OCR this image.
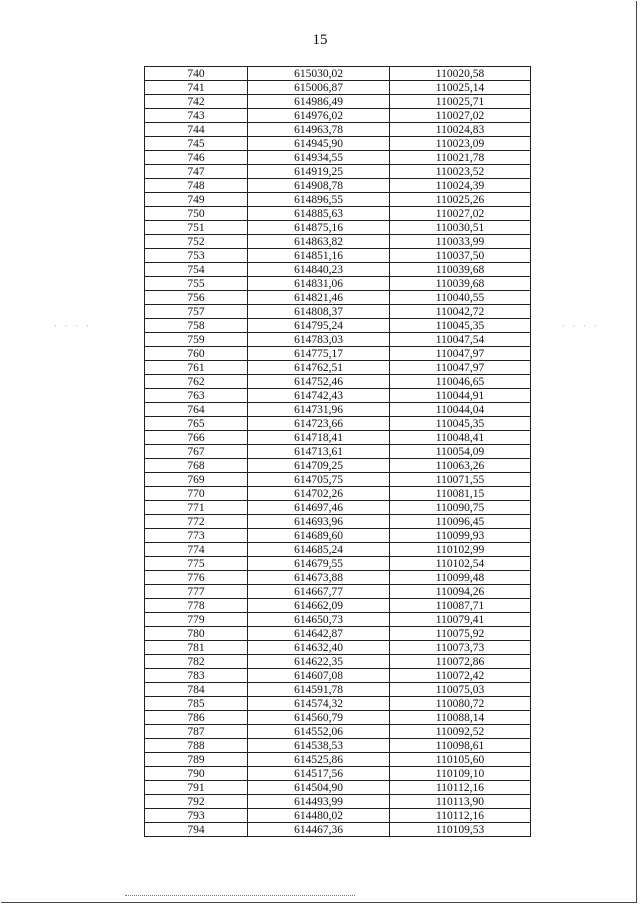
15
· · · ·	· · · ·
740	615030,02	110020,58
741	615006,87	110025,14
742	614986,49	110025,71
743	614976,02	110027,02
744	614963,78	110024,83
745	614945,90	110023,09
746	614934,55	110021,78
747	614919,25	110023,52
748	614908,78	110024,39
749	614896,55	110025,26
750	614885,63	110027,02
751	614875,16	110030,51
752	614863,82	110033,99
753	614851,16	110037,50
754	614840,23	110039,68
755	614831,06	110039,68
756	614821,46	110040,55
757	614808,37	110042,72
758	614795,24	110045,35
759	614783,03	110047,54
760	614775,17	110047,97
761	614762,51	110047,97
762	614752,46	110046,65
763	614742,43	110044,91
764	614731,96	110044,04
765	614723,66	110045,35
766	614718,41	110048,41
767	614713,61	110054,09
768	614709,25	110063,26
769	614705,75	110071,55
770	614702,26	110081,15
771	614697,46	110090,75
772	614693,96	110096,45
773	614689,60	110099,93
774	614685,24	110102,99
775	614679,55	110102,54
776	614673,88	110099,48
777	614667,77	110094,26
778	614662,09	110087,71
779	614650,73	110079,41
780	614642,87	110075,92
781	614632,40	110073,73
782	614622,35	110072,86
783	614607,08	110072,42
784	614591,78	110075,03
785	614574,32	110080,72
786	614560,79	110088,14
787	614552,06	110092,52
788	614538,53	110098,61
789	614525,86	110105,60
790	614517,56	110109,10
791	614504,90	110112,16
792	614493,99	110113,90
793	614480,02	110112,16
794	614467,36	110109,53
